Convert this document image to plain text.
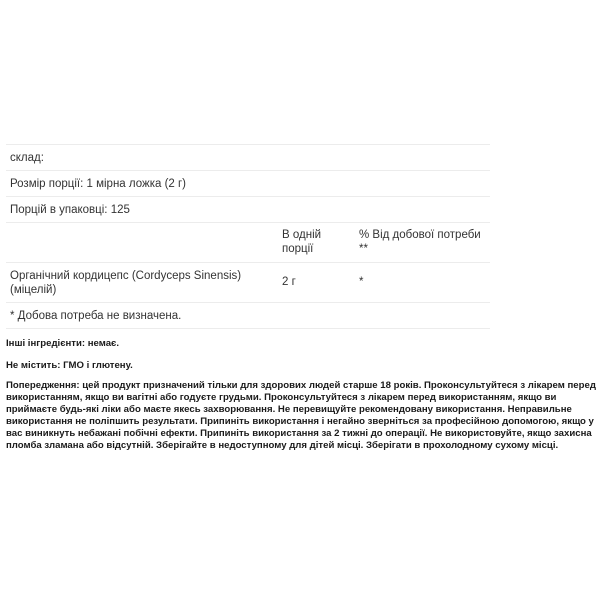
склад:
Розмір порції: 1 мірна ложка (2 г)
Порцій в упаковці: 125
В одній
порції
% Від добової потреби
**
Органічний кордицепс (Cordyceps Sinensis)
(міцелій)
2 г	*
* Добова потреба не визначена.
Інші інгредієнти: немає.
Не містить: ГМО і глютену.
Попередження: цей продукт призначений тільки для здорових людей старше 18 років. Проконсультуйтеся з лікарем перед
використанням, якщо ви вагітні або годуєте грудьми. Проконсультуйтеся з лікарем перед використанням, якщо ви
приймаєте будь-які ліки або маєте якесь захворювання. Не перевищуйте рекомендовану використання. Неправильне
використання не поліпшить результати. Припиніть використання і негайно зверніться за професійною допомогою, якщо у
вас виникнуть небажані побічні ефекти. Припиніть використання за 2 тижні до операції. Не використовуйте, якщо захисна
пломба зламана або відсутній. Зберігайте в недоступному для дітей місці. Зберігати в прохолодному сухому місці.
